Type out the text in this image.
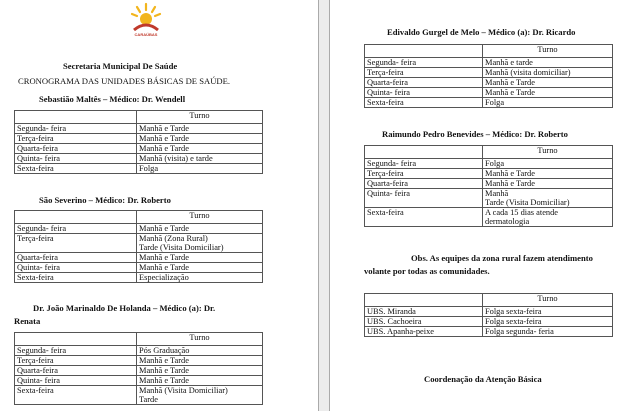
CARAÚBAS
Secretaria Municipal De Saúde
CRONOGRAMA DAS UNIDADES BÁSICAS DE SAÚDE.
Sebastião Maltês – Médico: Dr. Wendell
	Turno
Segunda- feira	Manhã e Tarde
Terça-feira	Manhã e Tarde
Quarta-feira	Manhã e Tarde
Quinta- feira	Manhã (visita) e tarde
Sexta-feira	Folga
São Severino – Médico: Dr. Roberto
	Turno
Segunda- feira	Manhã e Tarde
Terça-feira	Manhã (Zona Rural)
Tarde (Visita Domiciliar)

Quarta-feira	Manhã e Tarde
Quinta- feira	Manhã e Tarde
Sexta-feira	Especialização
Dr. João Marinaldo De Holanda – Médico (a): Dr.
Renata
	Turno
Segunda- feira	Pós Graduação
Terça-feira	Manhã e Tarde
Quarta-feira	Manhã e Tarde
Quinta- feira	Manhã e Tarde
Sexta-feira	Manhã (Visita Domiciliar)
Tarde
Edivaldo Gurgel de Melo – Médico (a): Dr. Ricardo
	Turno
Segunda- feira	Manhã e tarde
Terça-feira	Manhã (visita domiciliar)
Quarta-feira	Manhã e Tarde
Quinta- feira	Manhã e Tarde
Sexta-feira	Folga
Raimundo Pedro Benevides – Médico: Dr. Roberto
	Turno
Segunda- feira	Folga
Terça-feira	Manhã e Tarde
Quarta-feira	Manhã e Tarde
Quinta- feira	Manhã
Tarde (Visita Domiciliar)

Sexta-feira	A cada 15 dias atende
dermatologia
Obs. As equipes da zona rural fazem atendimento
volante por todas as comunidades.
	Turno
UBS. Miranda	Folga sexta-feira
UBS. Cachoeira	Folga sexta-feira
UBS. Apanha-peixe	Folga segunda- feria
Coordenação da Atenção Básica
